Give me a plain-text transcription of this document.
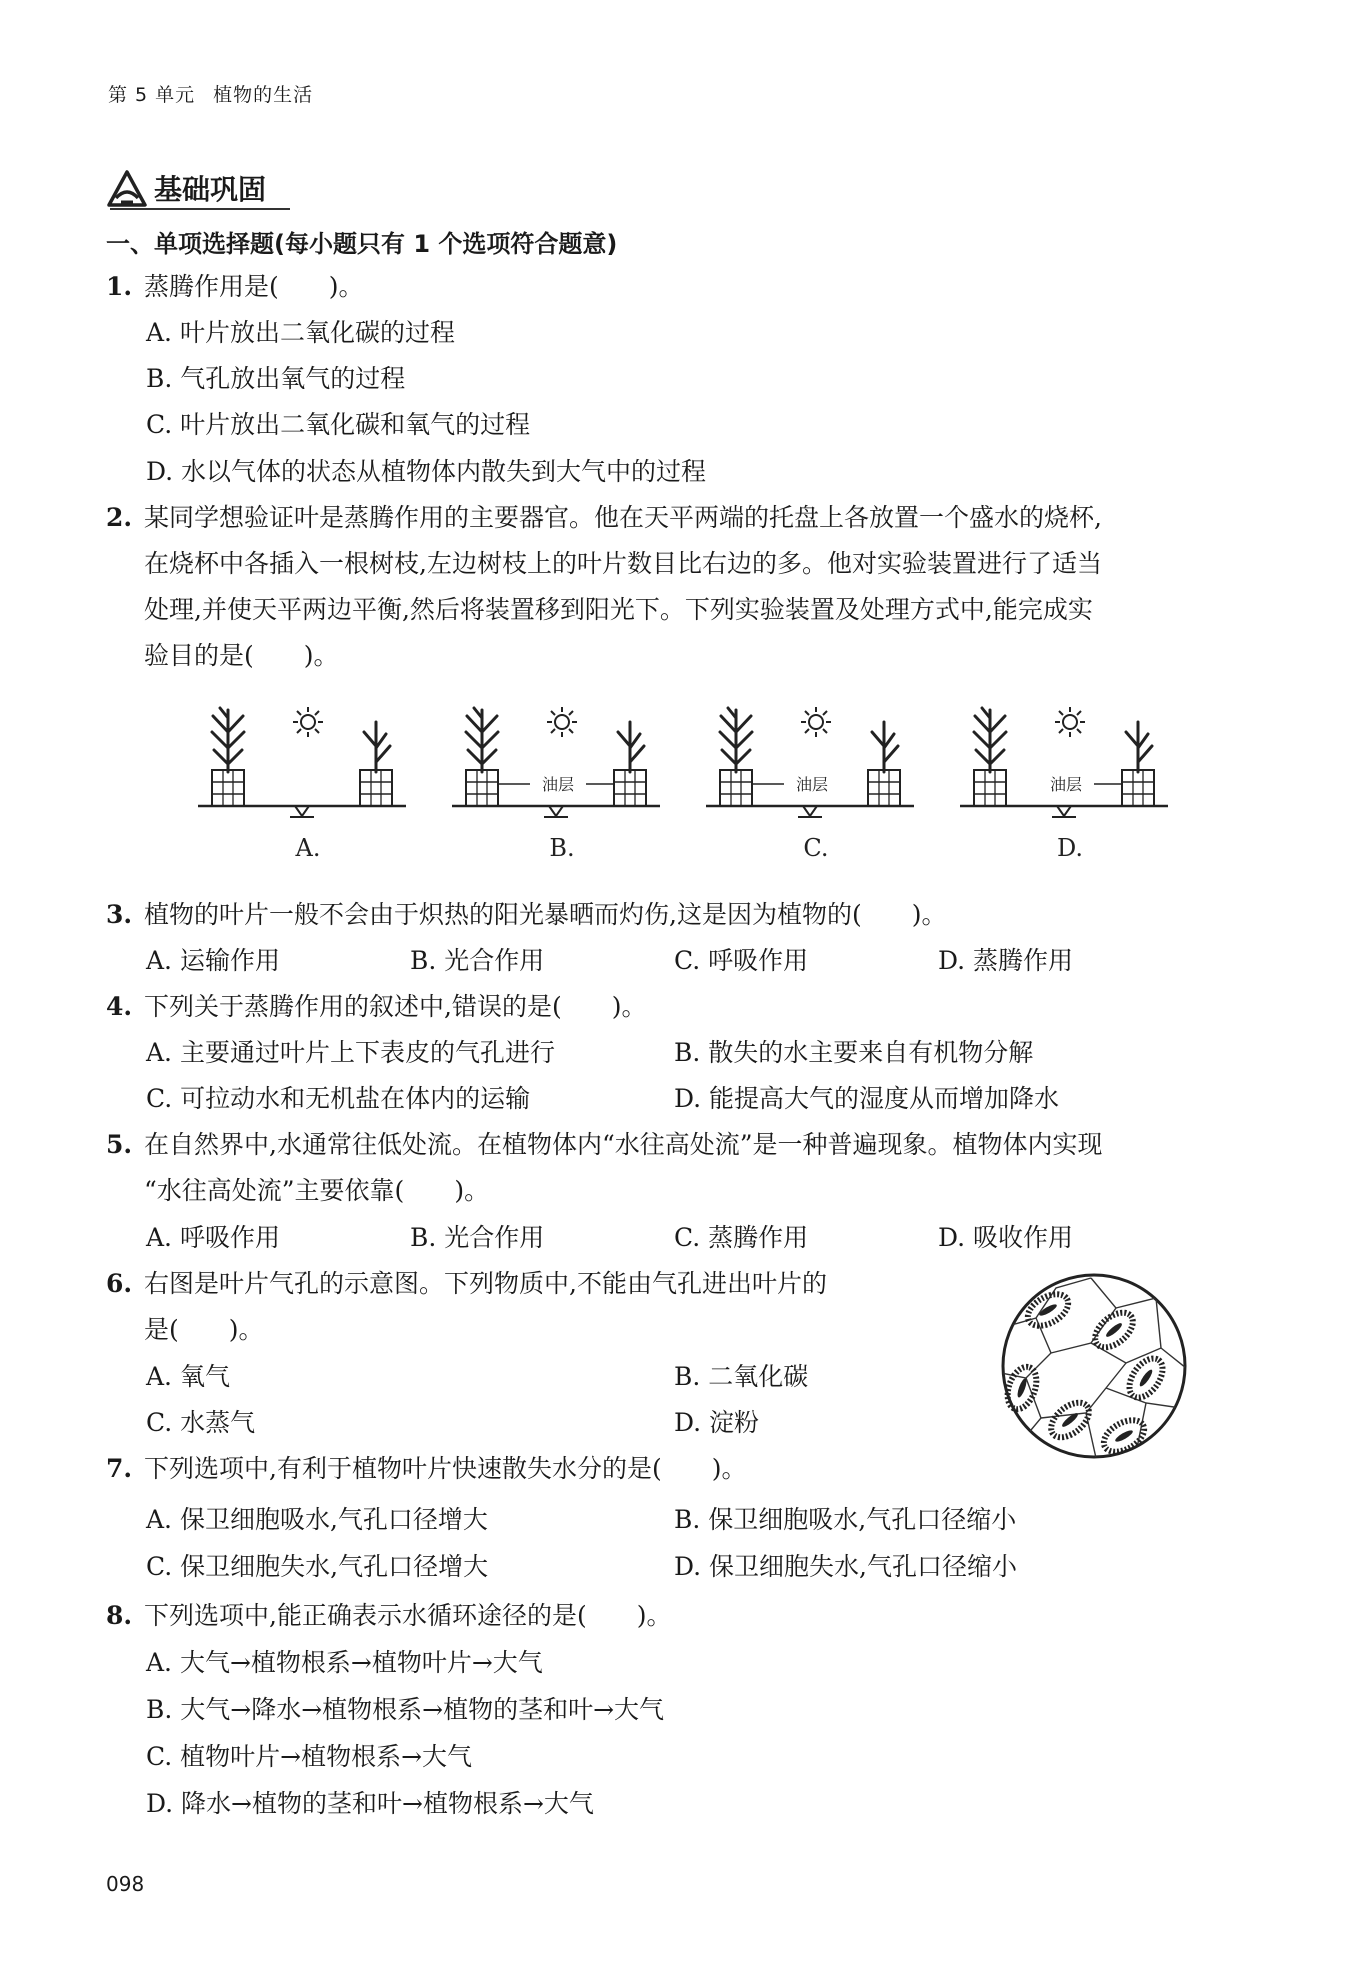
第 5 单元 植物的生活
基础巩固
一、单项选择题(每小题只有 1 个选项符合题意)
1. 蒸腾作用是(　　)。
A. 叶片放出二氧化碳的过程
B. 气孔放出氧气的过程
C. 叶片放出二氧化碳和氧气的过程
D. 水以气体的状态从植物体内散失到大气中的过程
2. 某同学想验证叶是蒸腾作用的主要器官。他在天平两端的托盘上各放置一个盛水的烧杯,
在烧杯中各插入一根树枝,左边树枝上的叶片数目比右边的多。他对实验装置进行了适当
处理,并使天平两边平衡,然后将装置移到阳光下。下列实验装置及处理方式中,能完成实
验目的是(　　)。
油层	油层	油层
A.	B.	C.	D.
3. 植物的叶片一般不会由于炽热的阳光暴晒而灼伤,这是因为植物的(　　)。
A. 运输作用	B. 光合作用	C. 呼吸作用	D. 蒸腾作用
4. 下列关于蒸腾作用的叙述中,错误的是(　　)。
A. 主要通过叶片上下表皮的气孔进行	B. 散失的水主要来自有机物分解
C. 可拉动水和无机盐在体内的运输	D. 能提高大气的湿度从而增加降水
5. 在自然界中,水通常往低处流。在植物体内“水往高处流”是一种普遍现象。植物体内实现
“水往高处流”主要依靠(　　)。
A. 呼吸作用	B. 光合作用	C. 蒸腾作用	D. 吸收作用
6. 右图是叶片气孔的示意图。下列物质中,不能由气孔进出叶片的
是(　　)。
A. 氧气	B. 二氧化碳
C. 水蒸气	D. 淀粉
7. 下列选项中,有利于植物叶片快速散失水分的是(　　)。
A. 保卫细胞吸水,气孔口径增大	B. 保卫细胞吸水,气孔口径缩小
C. 保卫细胞失水,气孔口径增大	D. 保卫细胞失水,气孔口径缩小
8. 下列选项中,能正确表示水循环途径的是(　　)。
A. 大气→植物根系→植物叶片→大气
B. 大气→降水→植物根系→植物的茎和叶→大气
C. 植物叶片→植物根系→大气
D. 降水→植物的茎和叶→植物根系→大气
098
